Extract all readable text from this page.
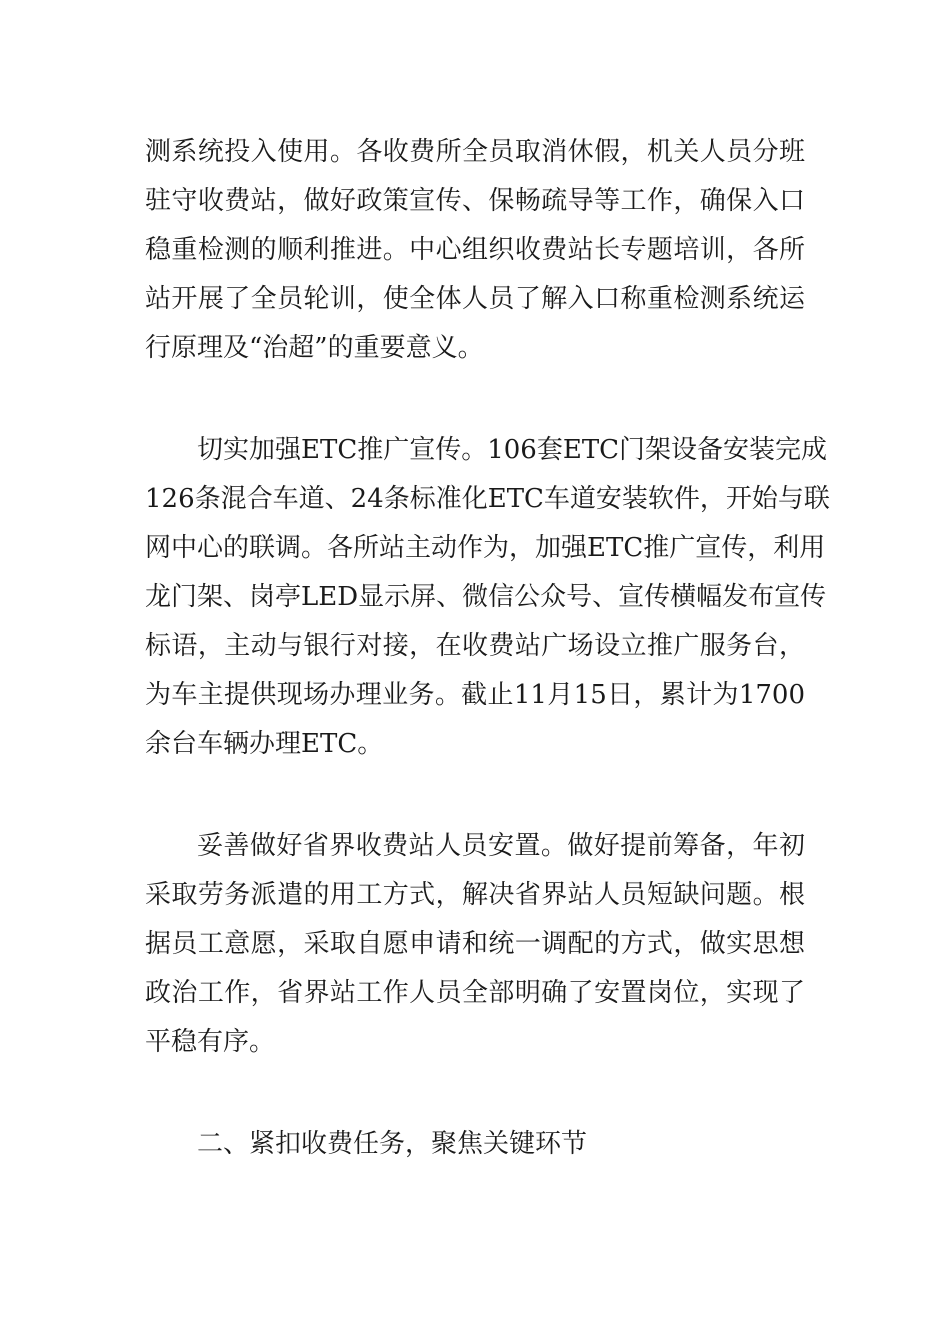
测系统投入使用。各收费所全员取消休假，机关人员分班
驻守收费站，做好政策宣传、保畅疏导等工作，确保入口
稳重检测的顺利推进。中心组织收费站长专题培训，各所
站开展了全员轮训，使全体人员了解入口称重检测系统运
行原理及“治超”的重要意义。
切实加强ETC推广宣传。106套ETC门架设备安装完成
126条混合车道、24条标准化ETC车道安装软件，开始与联
网中心的联调。各所站主动作为，加强ETC推广宣传，利用
龙门架、岗亭LED显示屏、微信公众号、宣传横幅发布宣传
标语，主动与银行对接，在收费站广场设立推广服务台，
为车主提供现场办理业务。截止11月15日，累计为1700
余台车辆办理ETC。
妥善做好省界收费站人员安置。做好提前筹备，年初
采取劳务派遣的用工方式，解决省界站人员短缺问题。根
据员工意愿，采取自愿申请和统一调配的方式，做实思想
政治工作，省界站工作人员全部明确了安置岗位，实现了
平稳有序。
二、紧扣收费任务，聚焦关键环节
